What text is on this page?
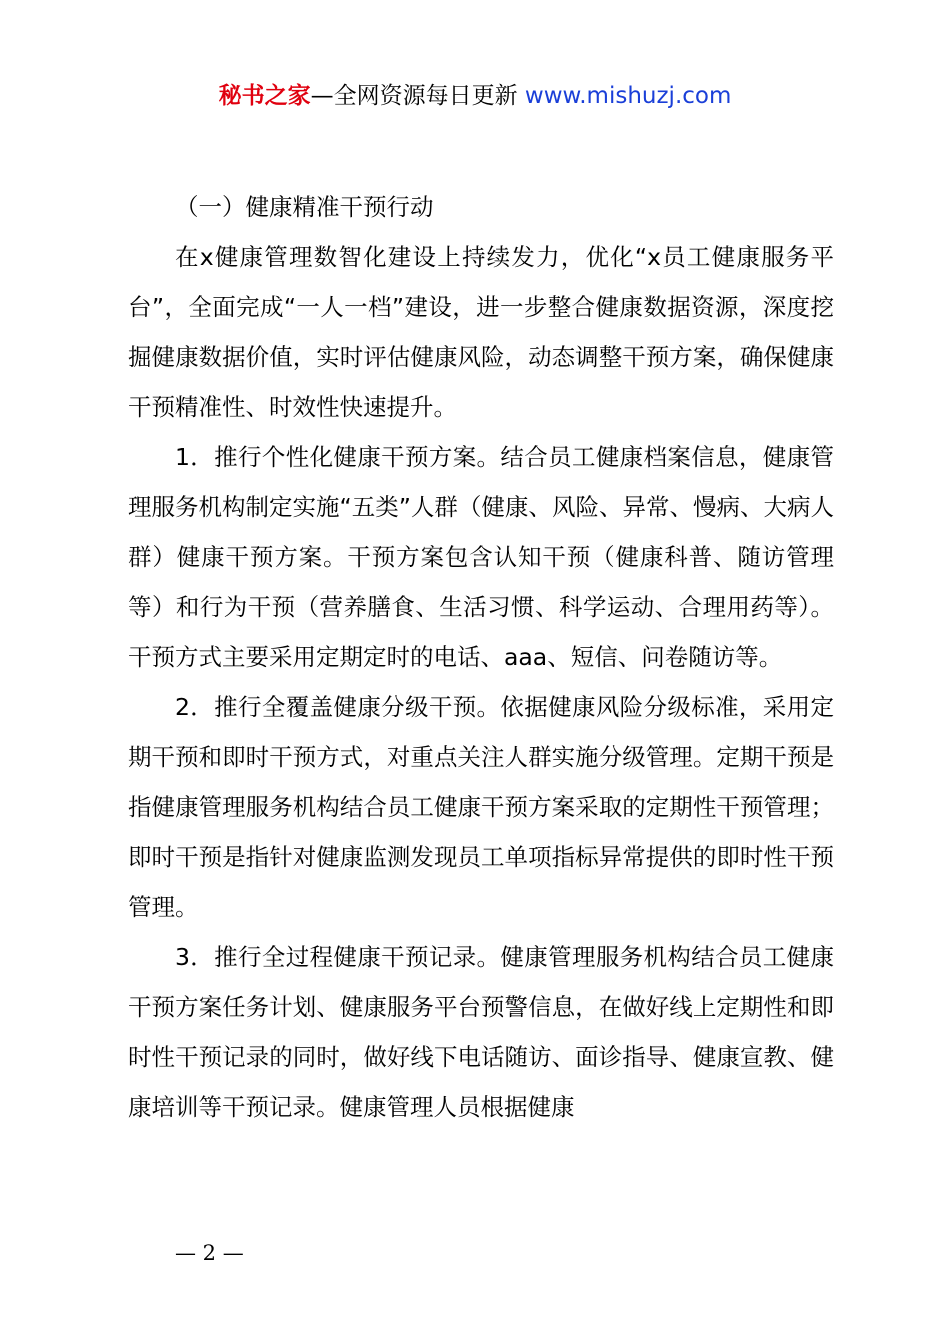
秘书之家—全网资源每日更新 www.mishuzj.com

（一）健康精准干预行动

在x健康管理数智化建设上持续发力，优化“x员工健康服务平台”，全面完成“一人一档”建设，进一步整合健康数据资源，深度挖掘健康数据价值，实时评估健康风险，动态调整干预方案，确保健康干预精准性、时效性快速提升。

1．推行个性化健康干预方案。结合员工健康档案信息，健康管理服务机构制定实施“五类”人群（健康、风险、异常、慢病、大病人群）健康干预方案。干预方案包含认知干预（健康科普、随访管理等）和行为干预（营养膳食、生活习惯、科学运动、合理用药等）。干预方式主要采用定期定时的电话、aaa、短信、问卷随访等。

2．推行全覆盖健康分级干预。依据健康风险分级标准，采用定期干预和即时干预方式，对重点关注人群实施分级管理。定期干预是指健康管理服务机构结合员工健康干预方案采取的定期性干预管理；即时干预是指针对健康监测发现员工单项指标异常提供的即时性干预管理。

3．推行全过程健康干预记录。健康管理服务机构结合员工健康干预方案任务计划、健康服务平台预警信息，在做好线上定期性和即时性干预记录的同时，做好线下电话随访、面诊指导、健康宣教、健康培训等干预记录。健康管理人员根据健康

— 2 —
